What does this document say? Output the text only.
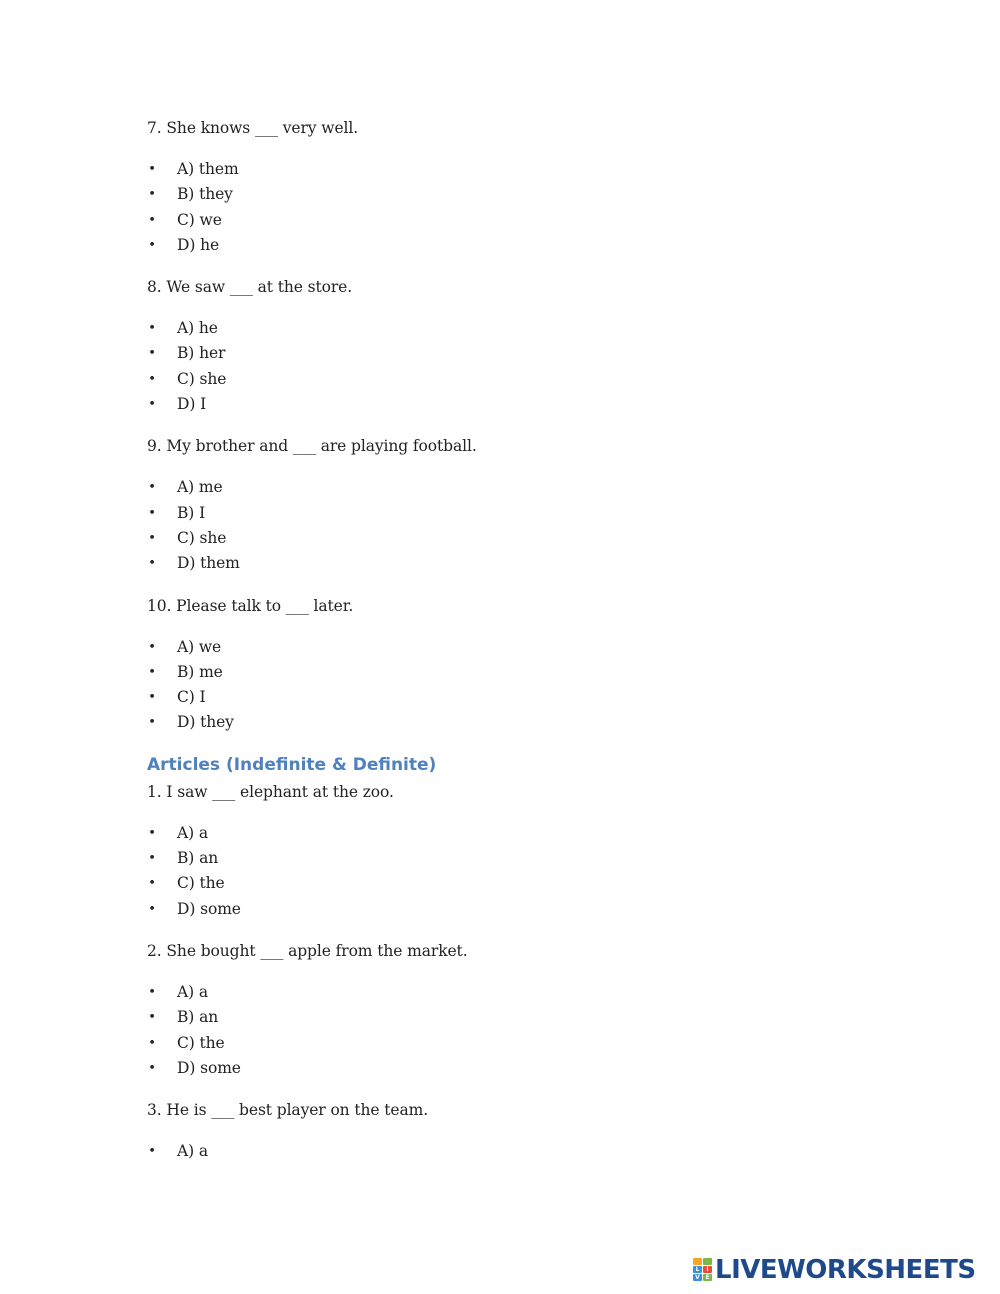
7. She knows ___ very well.

• A) them
• B) they
• C) we
• D) he

8. We saw ___ at the store.

• A) he
• B) her
• C) she
• D) I

9. My brother and ___ are playing football.

• A) me
• B) I
• C) she
• D) them

10. Please talk to ___ later.

• A) we
• B) me
• C) I
• D) they
Articles (Indefinite & Definite)

1. I saw ___ elephant at the zoo.

• A) a
• B) an
• C) the
• D) some

2. She bought ___ apple from the market.

• A) a
• B) an
• C) the
• D) some

3. He is ___ best player on the team.

• A) a
L	I
V E LIVEWORKSHEETS
